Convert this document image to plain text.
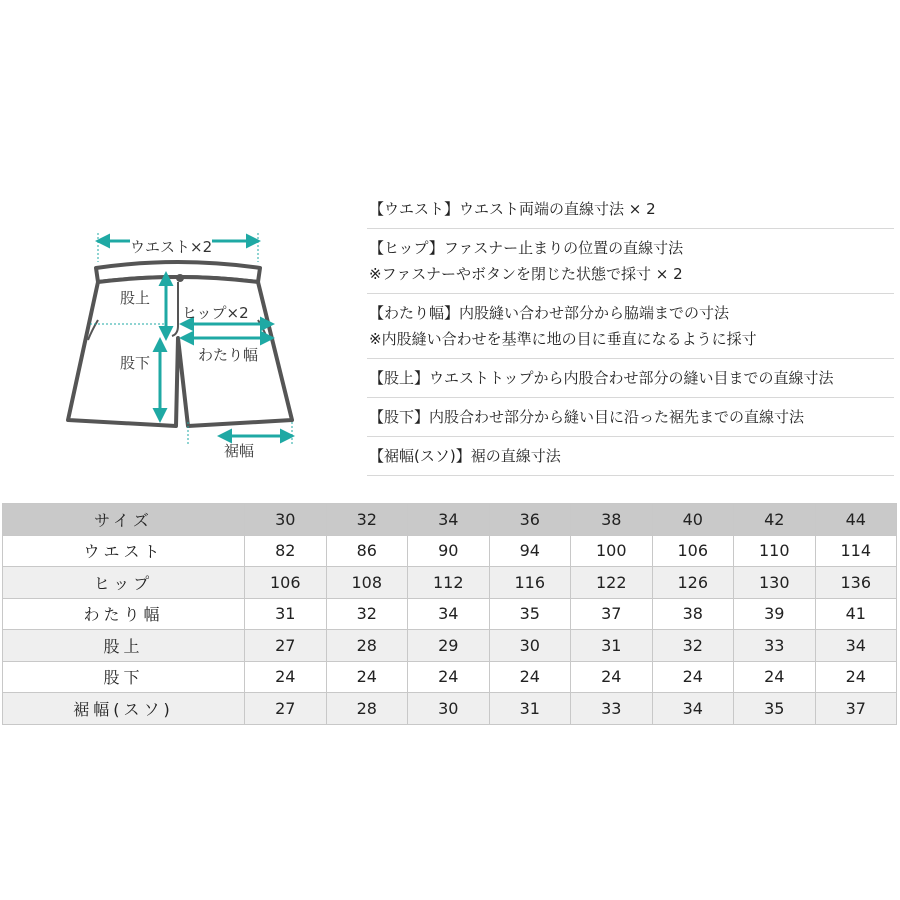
ウエスト×2
股上
ヒップ×2
わたり幅
股下
裾幅
【ウエスト】ウエスト両端の直線寸法 × 2
【ヒップ】ファスナー止まりの位置の直線寸法
※ファスナーやボタンを閉じた状態で採寸 × 2
【わたり幅】内股縫い合わせ部分から脇端までの寸法
※内股縫い合わせを基準に地の目に垂直になるように採寸
【股上】ウエストトップから内股合わせ部分の縫い目までの直線寸法
【股下】内股合わせ部分から縫い目に沿った裾先までの直線寸法
【裾幅(スソ)】裾の直線寸法
サイズ	30	32	34	36	38	40	42	44
ウエスト	82	86	90	94	100	106	110	114
ヒップ	106	108	112	116	122	126	130	136
わたり幅	31	32	34	35	37	38	39	41
股上	27	28	29	30	31	32	33	34
股下	24	24	24	24	24	24	24	24
裾幅(スソ)	27	28	30	31	33	34	35	37
